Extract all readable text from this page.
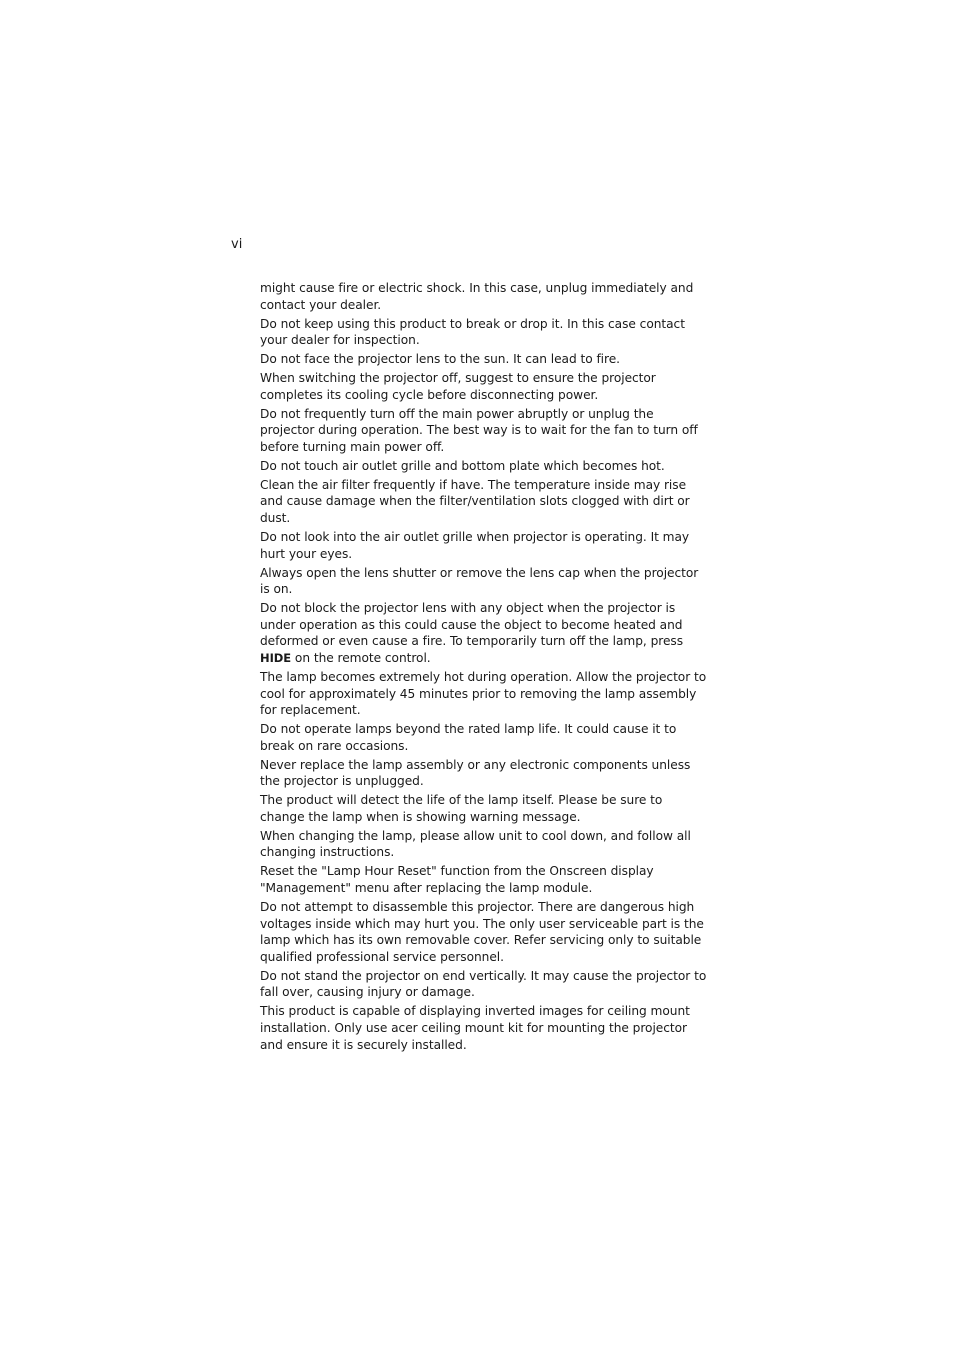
vi

might cause fire or electric shock. In this case, unplug immediately and contact your dealer.

Do not keep using this product to break or drop it. In this case contact your dealer for inspection.

Do not face the projector lens to the sun. It can lead to fire.

When switching the projector off, suggest to ensure the projector completes its cooling cycle before disconnecting power.

Do not frequently turn off the main power abruptly or unplug the projector during operation. The best way is to wait for the fan to turn off before turning main power off.

Do not touch air outlet grille and bottom plate which becomes hot.

Clean the air filter frequently if have. The temperature inside may rise and cause damage when the filter/ventilation slots clogged with dirt or dust.

Do not look into the air outlet grille when projector is operating. It may hurt your eyes.

Always open the lens shutter or remove the lens cap when the projector is on.

Do not block the projector lens with any object when the projector is under operation as this could cause the object to become heated and deformed or even cause a fire. To temporarily turn off the lamp, press HIDE on the remote control.

The lamp becomes extremely hot during operation. Allow the projector to cool for approximately 45 minutes prior to removing the lamp assembly for replacement.

Do not operate lamps beyond the rated lamp life. It could cause it to break on rare occasions.

Never replace the lamp assembly or any electronic components unless the projector is unplugged.

The product will detect the life of the lamp itself. Please be sure to change the lamp when is showing warning message.

When changing the lamp, please allow unit to cool down, and follow all changing instructions.

Reset the "Lamp Hour Reset" function from the Onscreen display "Management" menu after replacing the lamp module.

Do not attempt to disassemble this projector. There are dangerous high voltages inside which may hurt you. The only user serviceable part is the lamp which has its own removable cover. Refer servicing only to suitable qualified professional service personnel.

Do not stand the projector on end vertically. It may cause the projector to fall over, causing injury or damage.

This product is capable of displaying inverted images for ceiling mount installation. Only use acer ceiling mount kit for mounting the projector and ensure it is securely installed.
